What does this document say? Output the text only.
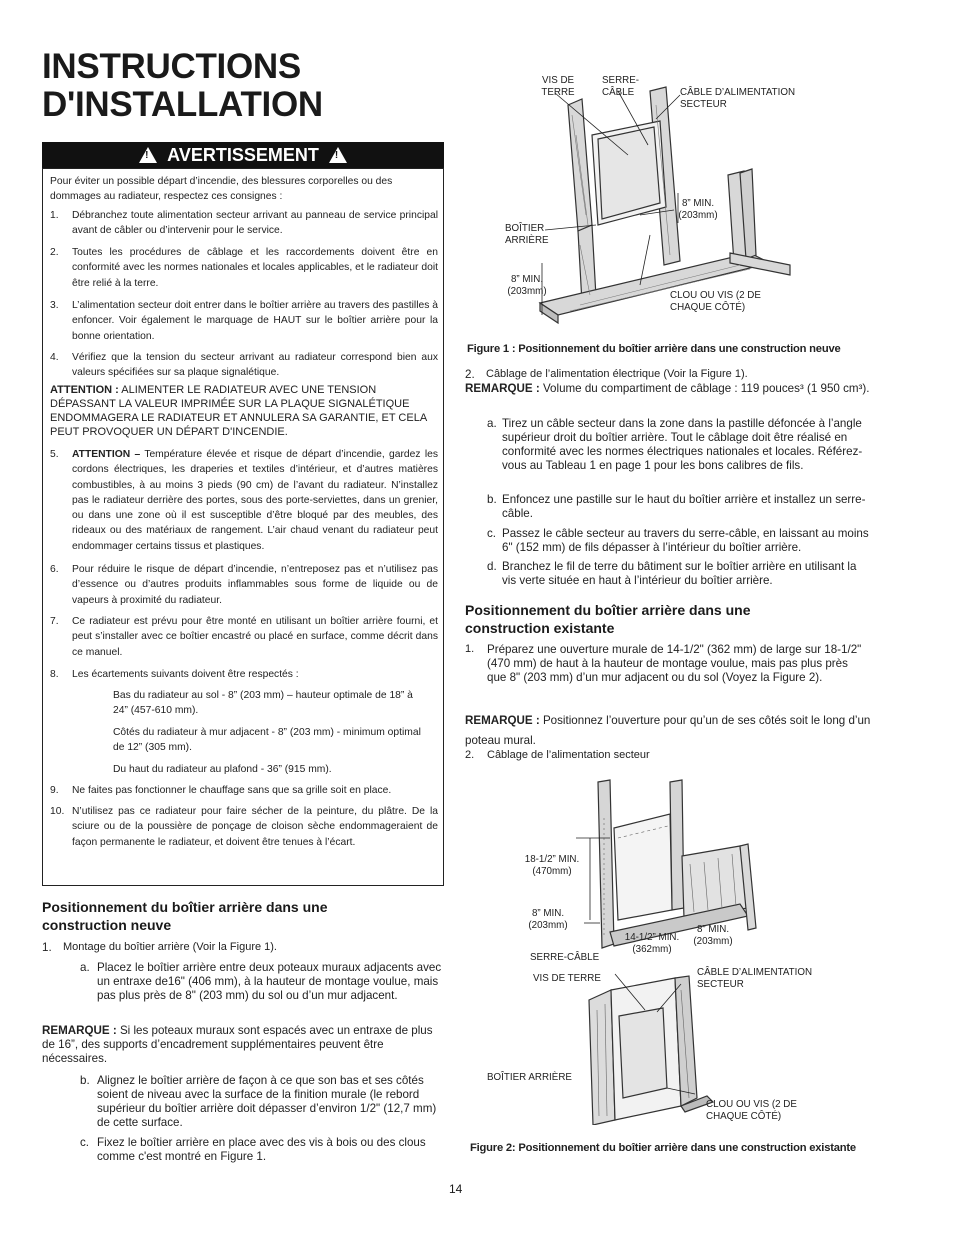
INSTRUCTIONS
D'INSTALLATION
! AVERTISSEMENT !
Pour éviter un possible départ d’incendie, des blessures corporelles ou des dommages au radiateur, respectez ces consignes :
1. Débranchez toute alimentation secteur arrivant au panneau de service principal avant de câbler ou d’intervenir pour le service.
2. Toutes les procédures de câblage et les raccordements doivent être en conformité avec les normes nationales et locales applicables, et le radiateur doit être relié à la terre.
3. L’alimentation secteur doit entrer dans le boîtier arrière au travers des pastilles à enfoncer. Voir également le marquage de HAUT sur le boîtier arrière pour la bonne orientation.
4. Vérifiez que la tension du secteur arrivant au radiateur correspond bien aux valeurs spécifiées sur sa plaque signalétique.
ATTENTION : ALIMENTER LE RADIATEUR AVEC UNE TENSION DÉPASSANT LA VALEUR IMPRIMÉE SUR LA PLAQUE SIGNALÉTIQUE ENDOMMAGERA LE RADIATEUR ET ANNULERA SA GARANTIE, ET CELA PEUT PROVOQUER UN DÉPART D'INCENDIE.
5. ATTENTION – Température élevée et risque de départ d’incendie, gardez les cordons électriques, les draperies et textiles d’intérieur, et d’autres matières combustibles, à au moins 3 pieds (90 cm) de l’avant du radiateur. N’installez pas le radiateur derrière des portes, sous des porte-serviettes, dans un grenier, ou dans une zone où il est susceptible d’être bloqué par des meubles, des rideaux ou des matériaux de rangement. L’air chaud venant du radiateur peut endommager certains tissus et plastiques.
6. Pour réduire le risque de départ d’incendie, n’entreposez pas et n’utilisez pas d’essence ou d’autres produits inflammables sous forme de liquide ou de vapeurs à proximité du radiateur.
7. Ce radiateur est prévu pour être monté en utilisant un boîtier arrière fourni, et peut s’installer avec ce boîtier encastré ou placé en surface, comme décrit dans ce manuel.
8. Les écartements suivants doivent être respectés :
Bas du radiateur au sol - 8” (203 mm) – hauteur optimale de 18” à 24” (457-610 mm).
Côtés du radiateur à mur adjacent - 8” (203 mm) - minimum optimal de 12” (305 mm).
Du haut du radiateur au plafond - 36” (915 mm).
9. Ne faites pas fonctionner le chauffage sans que sa grille soit en place.
10. N’utilisez pas ce radiateur pour faire sécher de la peinture, du plâtre. De la sciure ou de la poussière de ponçage de cloison sèche endommageraient de façon permanente le radiateur, et doivent être tenues à l’écart.
Positionnement du boîtier arrière dans une construction neuve
1. Montage du boîtier arrière (Voir la Figure 1).
a. Placez le boîtier arrière entre deux poteaux muraux adjacents avec un entraxe de16" (406 mm), à la hauteur de montage voulue, mais pas plus près de 8" (203 mm) du sol ou d’un mur adjacent.
REMARQUE : Si les poteaux muraux sont espacés avec un entraxe de plus de 16”, des supports d’encadrement supplémentaires peuvent être nécessaires.
b. Alignez le boîtier arrière de façon à ce que son bas et ses côtés soient de niveau avec la surface de la finition murale (le rebord supérieur du boîtier arrière doit dépasser d’environ 1/2" (12,7 mm) de cette surface.
c. Fixez le boîtier arrière en place avec des vis à bois ou des clous comme c'est montré en Figure 1.
VIS DE TERRE
SERRE-CÂBLE	CÂBLE D’ALIMENTATION SECTEUR
8” MIN. (203mm)
BOÎTIER ARRIÈRE
8” MIN. (203mm)	CLOU OU VIS (2 DE CHAQUE CÔTÉ)
Figure 1 : Positionnement du boîtier arrière dans une construction neuve
2. Câblage de l’alimentation électrique (Voir la Figure 1).
REMARQUE : Volume du compartiment de câblage : 119 pouces³ (1 950 cm³).
a. Tirez un câble secteur dans la zone dans la pastille défoncée à l’angle supérieur droit du boîtier arrière. Tout le câblage doit être réalisé en conformité avec les normes électriques nationales et locales. Référez-vous au Tableau 1 en page 1 pour les bons calibres de fils.
b. Enfoncez une pastille sur le haut du boîtier arrière et installez un serre-câble.
c. Passez le câble secteur au travers du serre-câble, en laissant au moins 6" (152 mm) de fils dépasser à l’intérieur du boîtier arrière.
d. Branchez le fil de terre du bâtiment sur le boîtier arrière en utilisant la vis verte située en haut à l’intérieur du boîtier arrière.
Positionnement du boîtier arrière dans une construction existante
1. Préparez une ouverture murale de 14-1/2" (362 mm) de large sur 18-1/2" (470 mm) de haut à la hauteur de montage voulue, mais pas plus près que 8" (203 mm) d’un mur adjacent ou du sol (Voyez la Figure 2).
REMARQUE : Positionnez l’ouverture pour qu’un de ses côtés soit le long d’un poteau mural.
2. Câblage de l’alimentation secteur
18-1/2” MIN. (470mm)
8” MIN. (203mm)
14-1/2” MIN. (362mm)
8” MIN. (203mm)
SERRE-CÂBLE
VIS DE TERRE
CÂBLE D’ALIMENTATION SECTEUR
BOÎTIER ARRIÈRE
CLOU OU VIS (2 DE CHAQUE CÔTÉ)
Figure 2: Positionnement du boîtier arrière dans une construction existante
14
